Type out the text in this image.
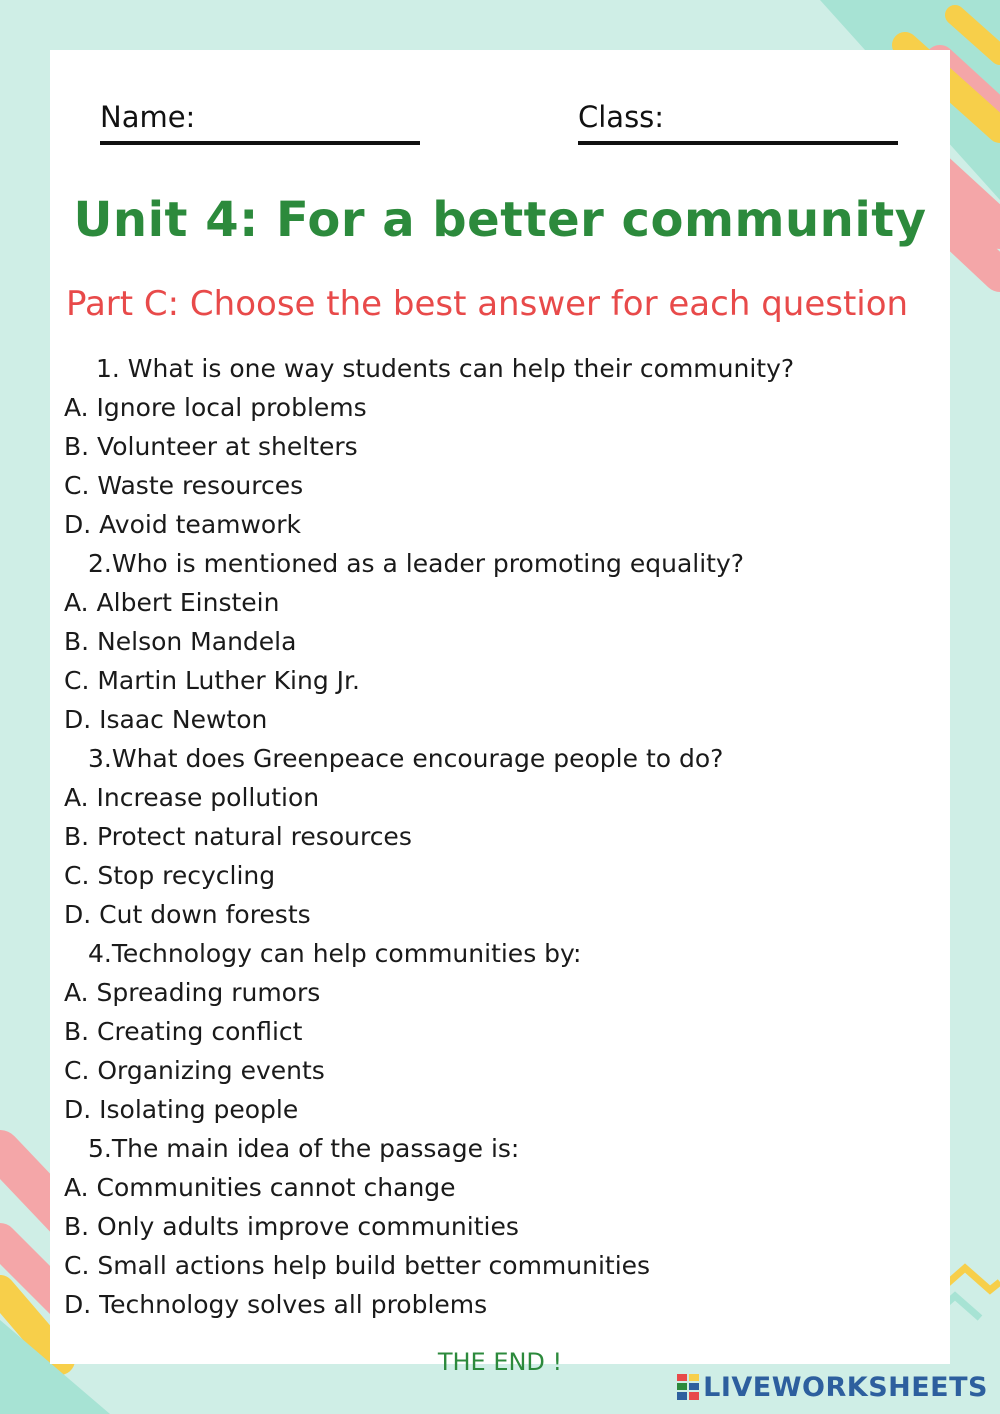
Name:	Class:
Unit 4: For a better community
Part C: Choose the best answer for each question
1. What is one way students can help their community?
A. Ignore local problems
B. Volunteer at shelters
C. Waste resources
D. Avoid teamwork
2.Who is mentioned as a leader promoting equality?
A. Albert Einstein
B. Nelson Mandela
C. Martin Luther King Jr.
D. Isaac Newton
3.What does Greenpeace encourage people to do?
A. Increase pollution
B. Protect natural resources
C. Stop recycling
D. Cut down forests
4.Technology can help communities by:
A. Spreading rumors
B. Creating conflict
C. Organizing events
D. Isolating people
5.The main idea of the passage is:
A. Communities cannot change
B. Only adults improve communities
C. Small actions help build better communities
D. Technology solves all problems
THE END !
LIVEWORKSHEETS
